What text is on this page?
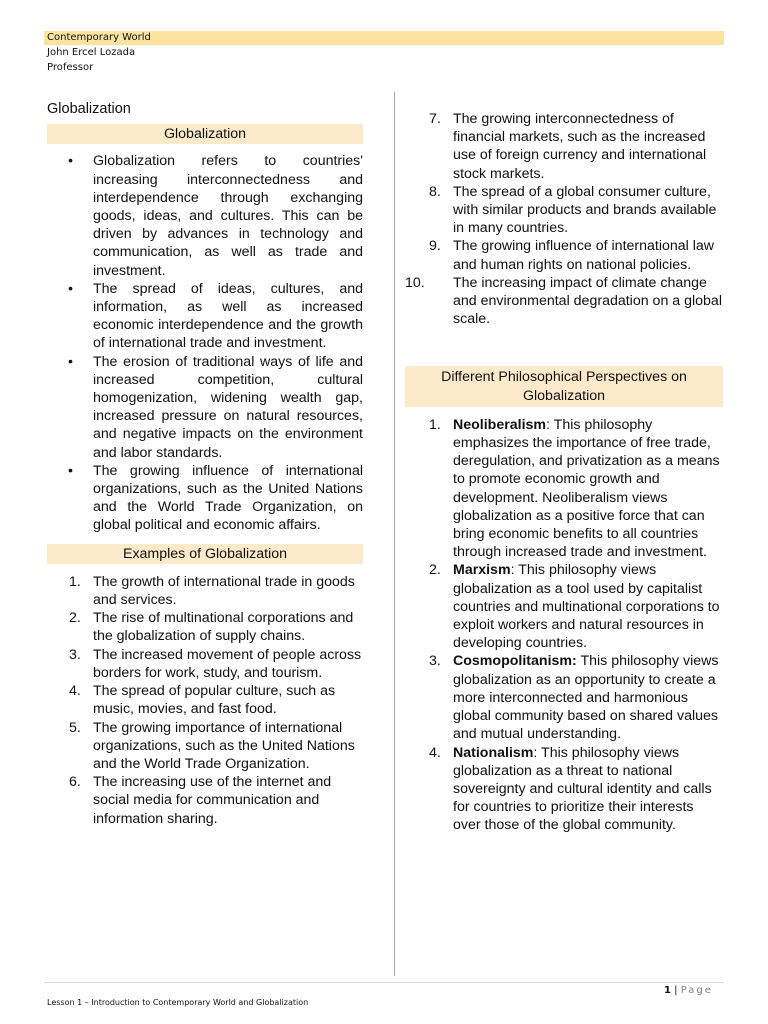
Contemporary World
John Ercel Lozada
Professor
Globalization
Globalization
• Globalization refers to countries' increasing interconnectedness and interdependence through exchanging goods, ideas, and cultures. This can be driven by advances in technology and communication, as well as trade and investment.
• The spread of ideas, cultures, and information, as well as increased economic interdependence and the growth of international trade and investment.
• The erosion of traditional ways of life and increased competition, cultural homogenization, widening wealth gap, increased pressure on natural resources, and negative impacts on the environment and labor standards.
• The growing influence of international organizations, such as the United Nations and the World Trade Organization, on global political and economic affairs.
Examples of Globalization
1. The growth of international trade in goods and services.
2. The rise of multinational corporations and the globalization of supply chains.
3. The increased movement of people across borders for work, study, and tourism.
4. The spread of popular culture, such as music, movies, and fast food.
5. The growing importance of international organizations, such as the United Nations and the World Trade Organization.
6. The increasing use of the internet and social media for communication and information sharing.
7. The growing interconnectedness of financial markets, such as the increased use of foreign currency and international stock markets.
8. The spread of a global consumer culture, with similar products and brands available in many countries.
9. The growing influence of international law and human rights on national policies.
10. The increasing impact of climate change and environmental degradation on a global scale.
Different Philosophical Perspectives on Globalization
1. Neoliberalism: This philosophy emphasizes the importance of free trade, deregulation, and privatization as a means to promote economic growth and development. Neoliberalism views globalization as a positive force that can bring economic benefits to all countries through increased trade and investment.
2. Marxism: This philosophy views globalization as a tool used by capitalist countries and multinational corporations to exploit workers and natural resources in developing countries.
3. Cosmopolitanism: This philosophy views globalization as an opportunity to create a more interconnected and harmonious global community based on shared values and mutual understanding.
4. Nationalism: This philosophy views globalization as a threat to national sovereignty and cultural identity and calls for countries to prioritize their interests over those of the global community.
1 | Page
Lesson 1 – Introduction to Contemporary World and Globalization
